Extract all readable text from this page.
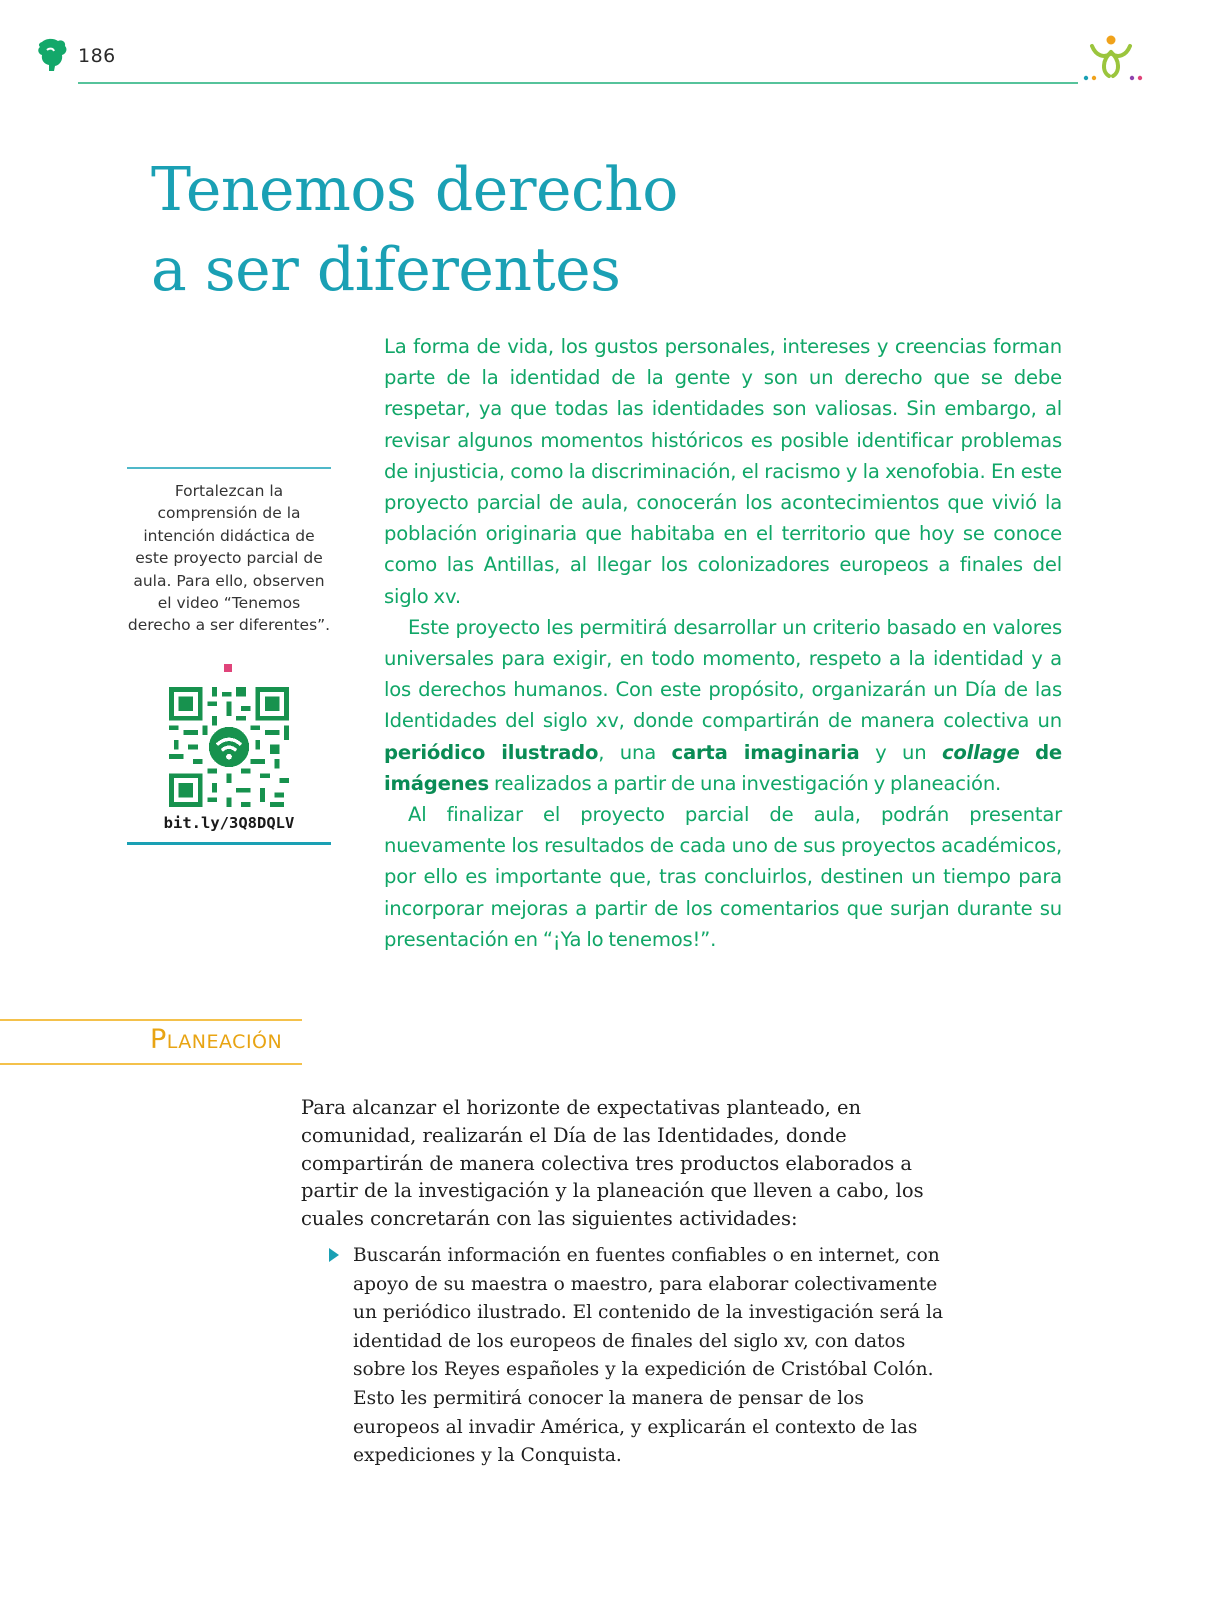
186
Tenemos derecho
a ser diferentes

La forma de vida, los gustos personales, intereses y creencias forman parte de la identidad de la gente y son un derecho que se debe respetar, ya que todas las identidades son valiosas. Sin embargo, al revisar algunos momentos históricos es posible identificar problemas de injusticia, como la discriminación, el racismo y la xenofobia. En este proyecto parcial de aula, conocerán los acontecimientos que vivió la población originaria que habitaba en el territorio que hoy se conoce como las Antillas, al llegar los colonizadores europeos a finales del siglo xv.

Este proyecto les permitirá desarrollar un criterio basado en valores universales para exigir, en todo momento, respeto a la identidad y a los derechos humanos. Con este propósito, organizarán un Día de las Identidades del siglo xv, donde compartirán de manera colectiva un periódico ilustrado, una carta imaginaria y un collage de imágenes realizados a partir de una investigación y planeación.

Al finalizar el proyecto parcial de aula, podrán presentar nuevamente los resultados de cada uno de sus proyectos académicos, por ello es importante que, tras concluirlos, destinen un tiempo para incorporar mejoras a partir de los comentarios que surjan durante su presentación en “¡Ya lo tenemos!”.

Fortalezcan la comprensión de la intención didáctica de este proyecto parcial de aula. Para ello, observen el video “Tenemos derecho a ser diferentes”.

bit.ly/3Q8DQLV
Planeación

Para alcanzar el horizonte de expectativas planteado, en comunidad, realizarán el Día de las Identidades, donde compartirán de manera colectiva tres productos elaborados a partir de la investigación y la planeación que lleven a cabo, los cuales concretarán con las siguientes actividades:

Buscarán información en fuentes confiables o en internet, con apoyo de su maestra o maestro, para elaborar colectivamente un periódico ilustrado. El contenido de la investigación será la identidad de los europeos de finales del siglo xv, con datos sobre los Reyes españoles y la expedición de Cristóbal Colón. Esto les permitirá conocer la manera de pensar de los europeos al invadir América, y explicarán el contexto de las expediciones y la Conquista.
